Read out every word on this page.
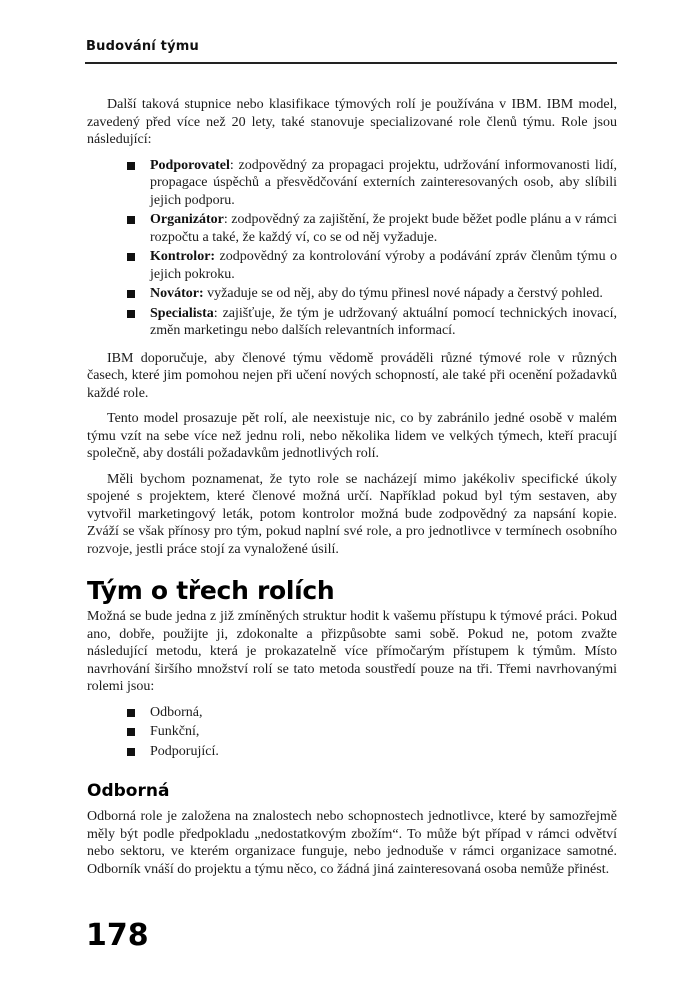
Budování týmu

Další taková stupnice nebo klasifikace týmových rolí je používána v IBM. IBM model, zavedený před více než 20 lety, také stanovuje specializované role členů týmu. Role jsou následující:

Podporovatel: zodpovědný za propagaci projektu, udržování informovanosti lidí, propagace úspěchů a přesvědčování externích zainteresovaných osob, aby slíbili jejich podporu.
Organizátor: zodpovědný za zajištění, že projekt bude běžet podle plánu a v rámci rozpočtu a také, že každý ví, co se od něj vyžaduje.
Kontrolor: zodpovědný za kontrolování výroby a podávání zpráv členům týmu o jejich pokroku.
Novátor: vyžaduje se od něj, aby do týmu přinesl nové nápady a čerstvý pohled.
Specialista: zajišťuje, že tým je udržovaný aktuální pomocí technických inovací, změn marketingu nebo dalších relevantních informací.

IBM doporučuje, aby členové týmu vědomě prováděli různé týmové role v různých časech, které jim pomohou nejen při učení nových schopností, ale také při ocenění požadavků každé role.

Tento model prosazuje pět rolí, ale neexistuje nic, co by zabránilo jedné osobě v malém týmu vzít na sebe více než jednu roli, nebo několika lidem ve velkých týmech, kteří pracují společně, aby dostáli požadavkům jednotlivých rolí.

Měli bychom poznamenat, že tyto role se nacházejí mimo jakékoliv specifické úkoly spojené s projektem, které členové možná určí. Například pokud byl tým sestaven, aby vytvořil marketingový leták, potom kontrolor možná bude zodpovědný za napsání kopie. Zváží se však přínosy pro tým, pokud naplní své role, a pro jednotlivce v termínech osobního rozvoje, jestli práce stojí za vynaložené úsilí.

Tým o třech rolích

Možná se bude jedna z již zmíněných struktur hodit k vašemu přístupu k týmové práci. Pokud ano, dobře, použijte ji, zdokonalte a přizpůsobte sami sobě. Pokud ne, potom zvažte následující metodu, která je prokazatelně více přímočarým přístupem k týmům. Místo navrhování širšího množství rolí se tato metoda soustředí pouze na tři. Třemi navrhovanými rolemi jsou:

Odborná,
Funkční,
Podporující.
Odborná

Odborná role je založena na znalostech nebo schopnostech jednotlivce, které by samozřejmě měly být podle předpokladu „nedostatkovým zbožím“. To může být případ v rámci odvětví nebo sektoru, ve kterém organizace funguje, nebo jednoduše v rámci organizace samotné. Odborník vnáší do projektu a týmu něco, co žádná jiná zainteresovaná osoba nemůže přinést.

178
